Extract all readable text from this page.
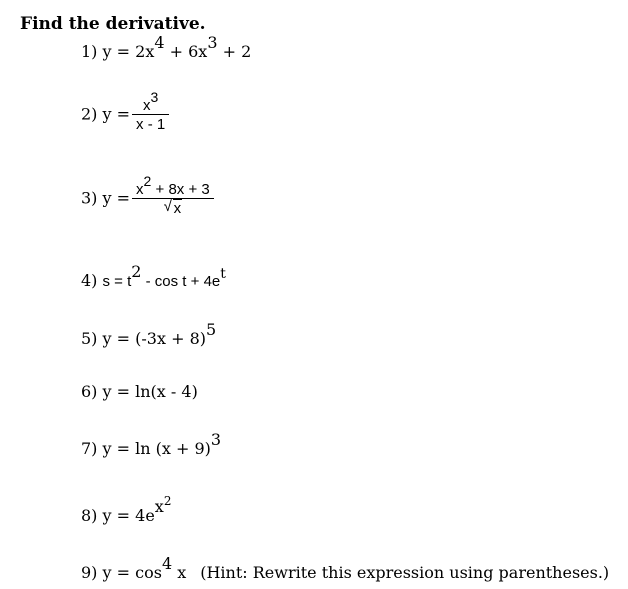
Find the derivative.
1) $y = 2x^4 + 6x^3 + 2$
2) $y = \frac{x^3}{x - 1}$
3) $y = \frac{x^2 + 8x + 3}{√ x}$
4) $s = t^2 - \cos t + 4e^t$
5) $y = (-3x + 8)^5$
6) y = ln(x - 4)
7) $y = \ln (x + 9)^3$
8) $y = 4e^{x^2}$
9) $y = \cos^4 x$ (Hint: Rewrite this expression using parentheses.)
